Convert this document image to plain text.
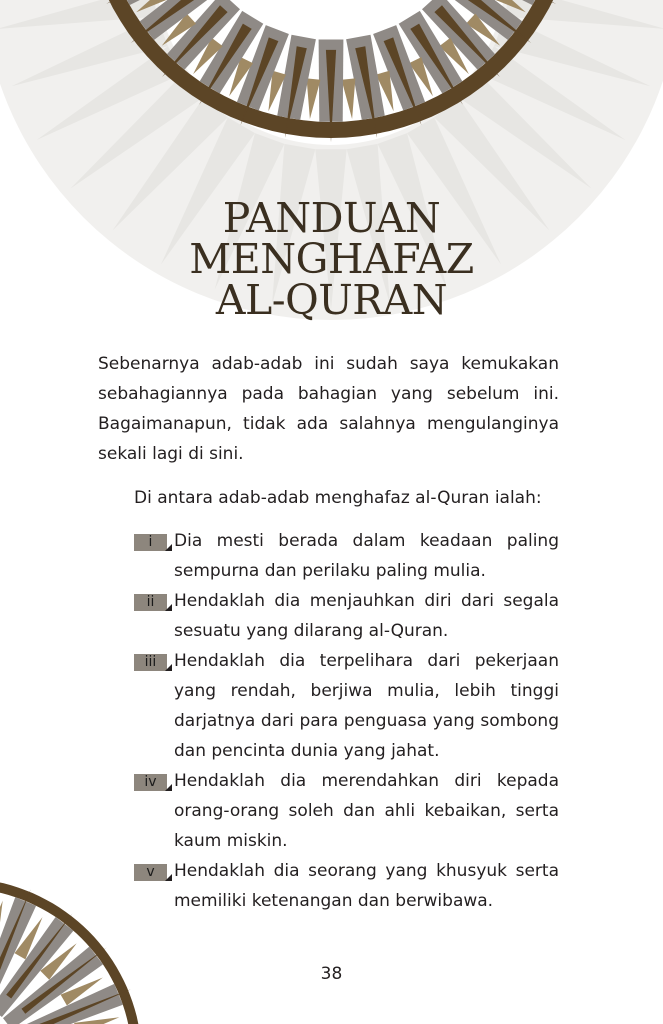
PANDUAN
MENGHAFAZ
AL-QURAN

Sebenarnya adab-adab ini sudah saya kemukakan sebahagiannya pada bahagian yang sebelum ini. Bagaimanapun, tidak ada salahnya mengulanginya sekali lagi di sini.

Di antara adab-adab menghafaz al-Quran ialah:

i	Dia mesti berada dalam keadaan paling sempurna dan perilaku paling mulia.
ii	Hendaklah dia menjauhkan diri dari segala sesuatu yang dilarang al-Quran.
iii	Hendaklah dia terpelihara dari pekerjaan yang rendah, berjiwa mulia, lebih tinggi darjatnya dari para penguasa yang sombong dan pencinta dunia yang jahat.
iv	Hendaklah dia merendahkan diri kepada orang-orang soleh dan ahli kebaikan, serta kaum miskin.
v	Hendaklah dia seorang yang khusyuk serta memiliki ketenangan dan berwibawa.
38
